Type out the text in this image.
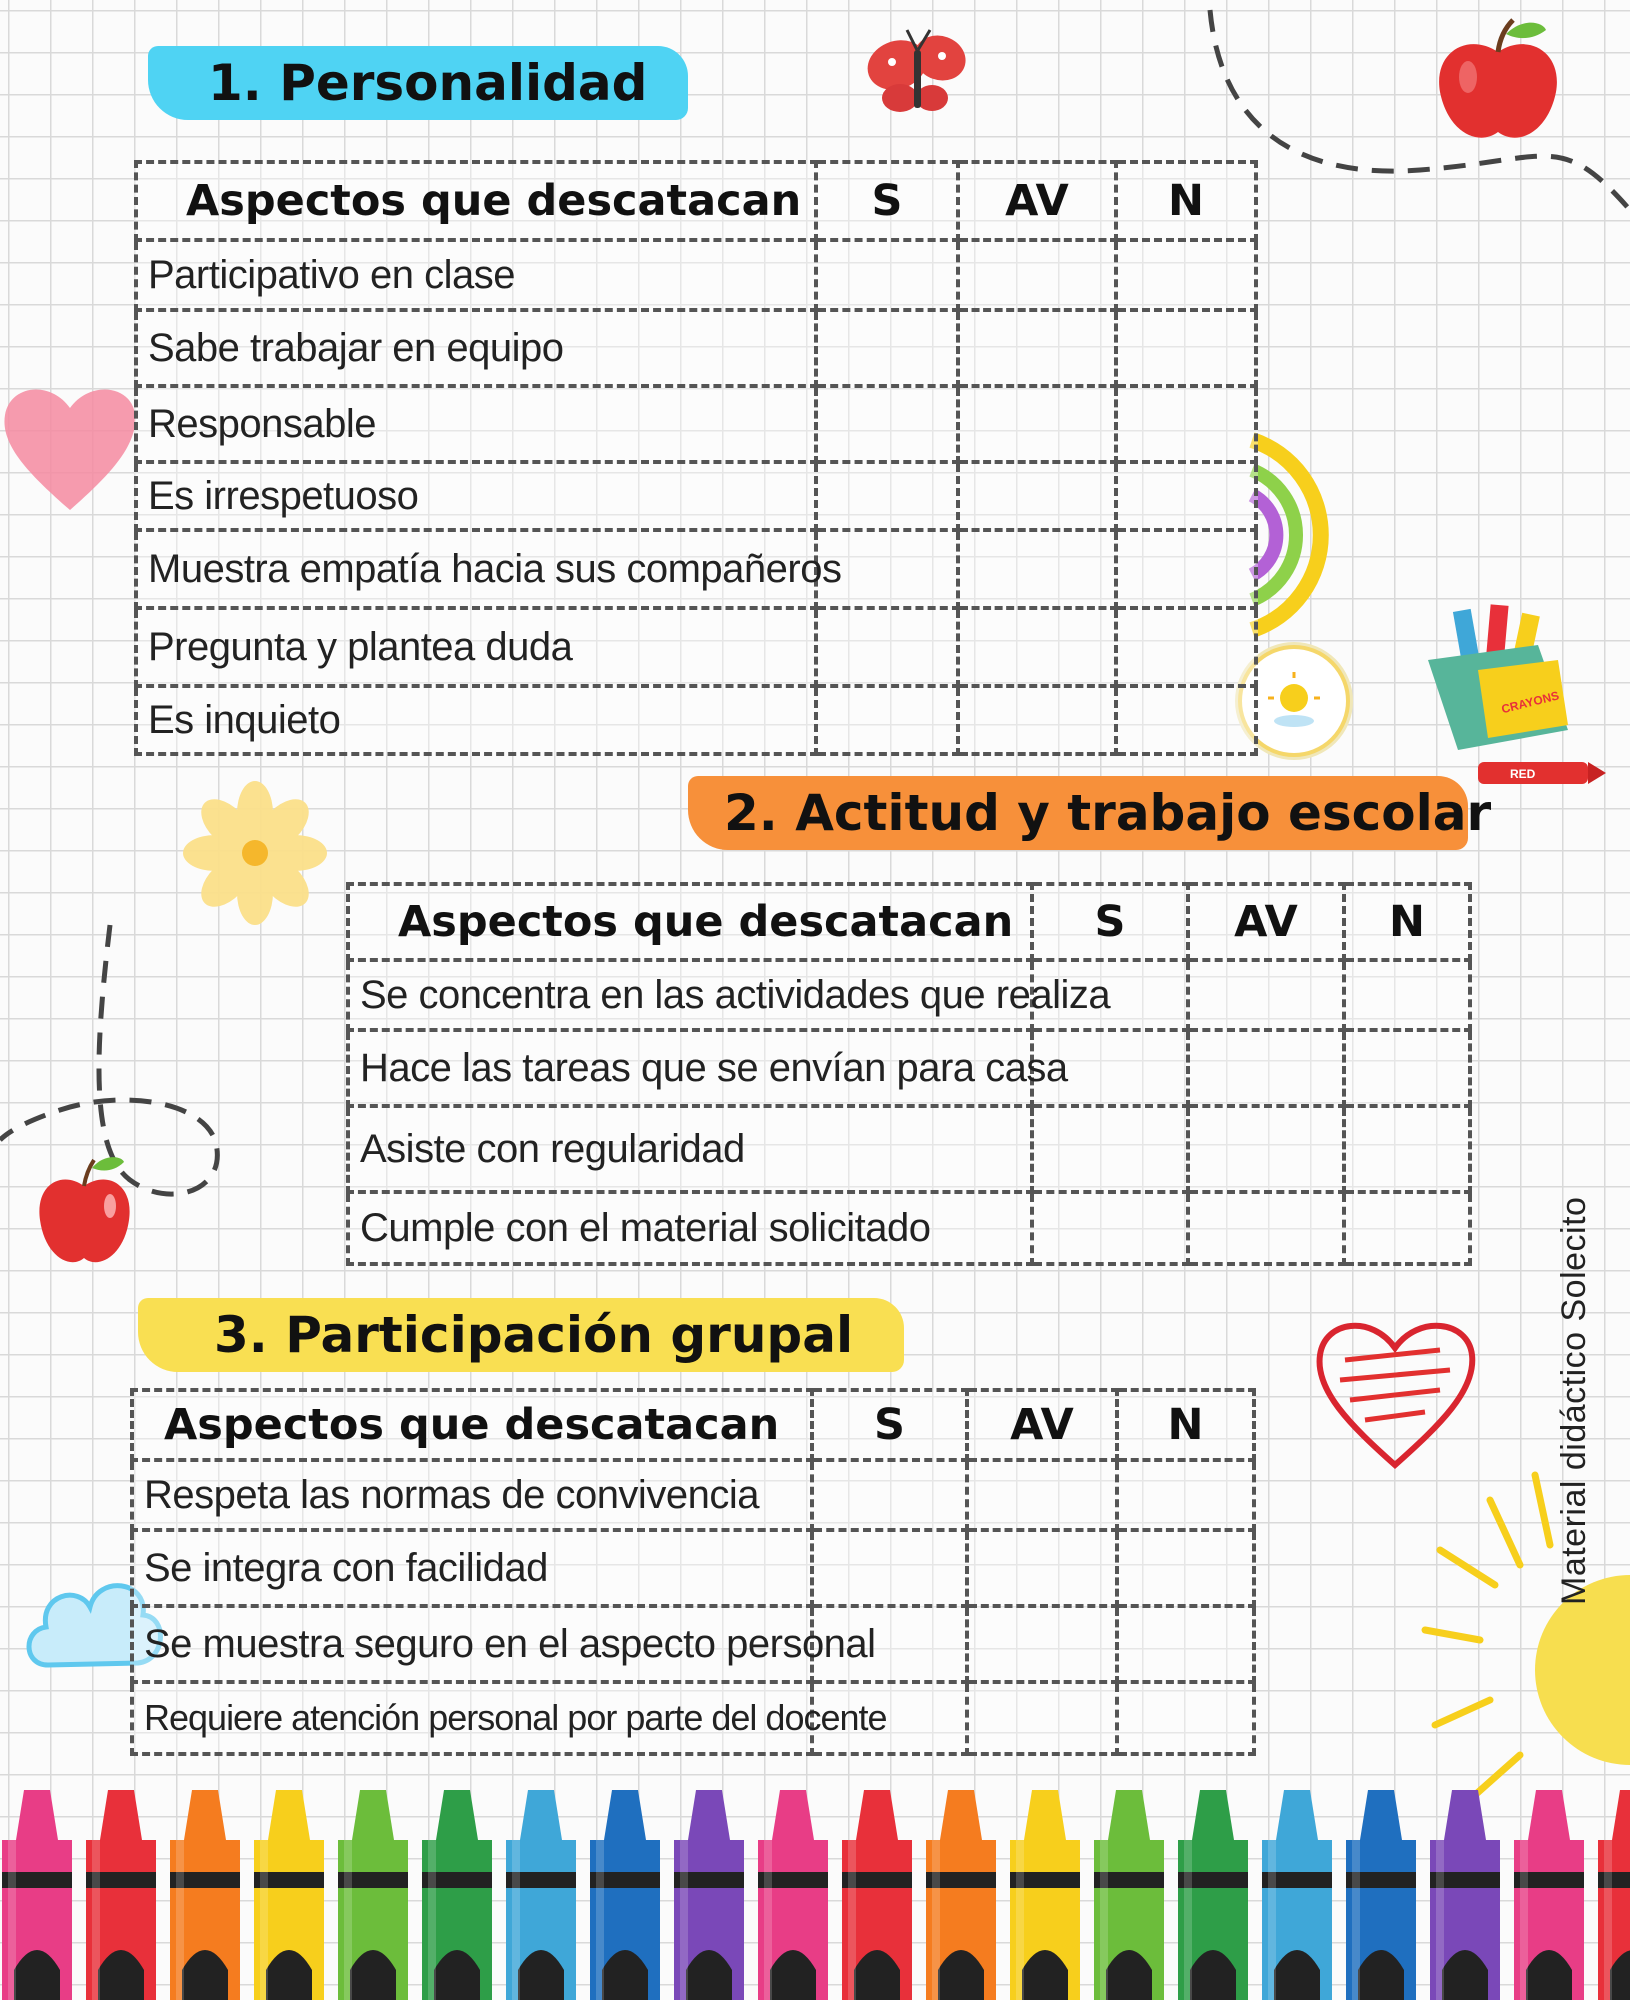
CRAYONS
RED
1. Personalidad
Aspectos que descatacan	S	AV	N
Participativo en clase			
Sabe trabajar en equipo			
Responsable			
Es irrespetuoso			
Muestra empatía hacia sus compañeros			
Pregunta y plantea duda			
Es inquieto			
2. Actitud y trabajo escolar
Aspectos que descatacan	S	AV	N
Se concentra en las actividades que realiza			
Hace las tareas que se envían para casa			
Asiste con regularidad			
Cumple con el material solicitado			
3. Participación grupal
Aspectos que descatacan	S	AV	N
Respeta las normas de convivencia			
Se integra con facilidad			
Se muestra seguro en el aspecto personal			
Requiere atención personal por parte del docente			
Material didáctico Solecito
